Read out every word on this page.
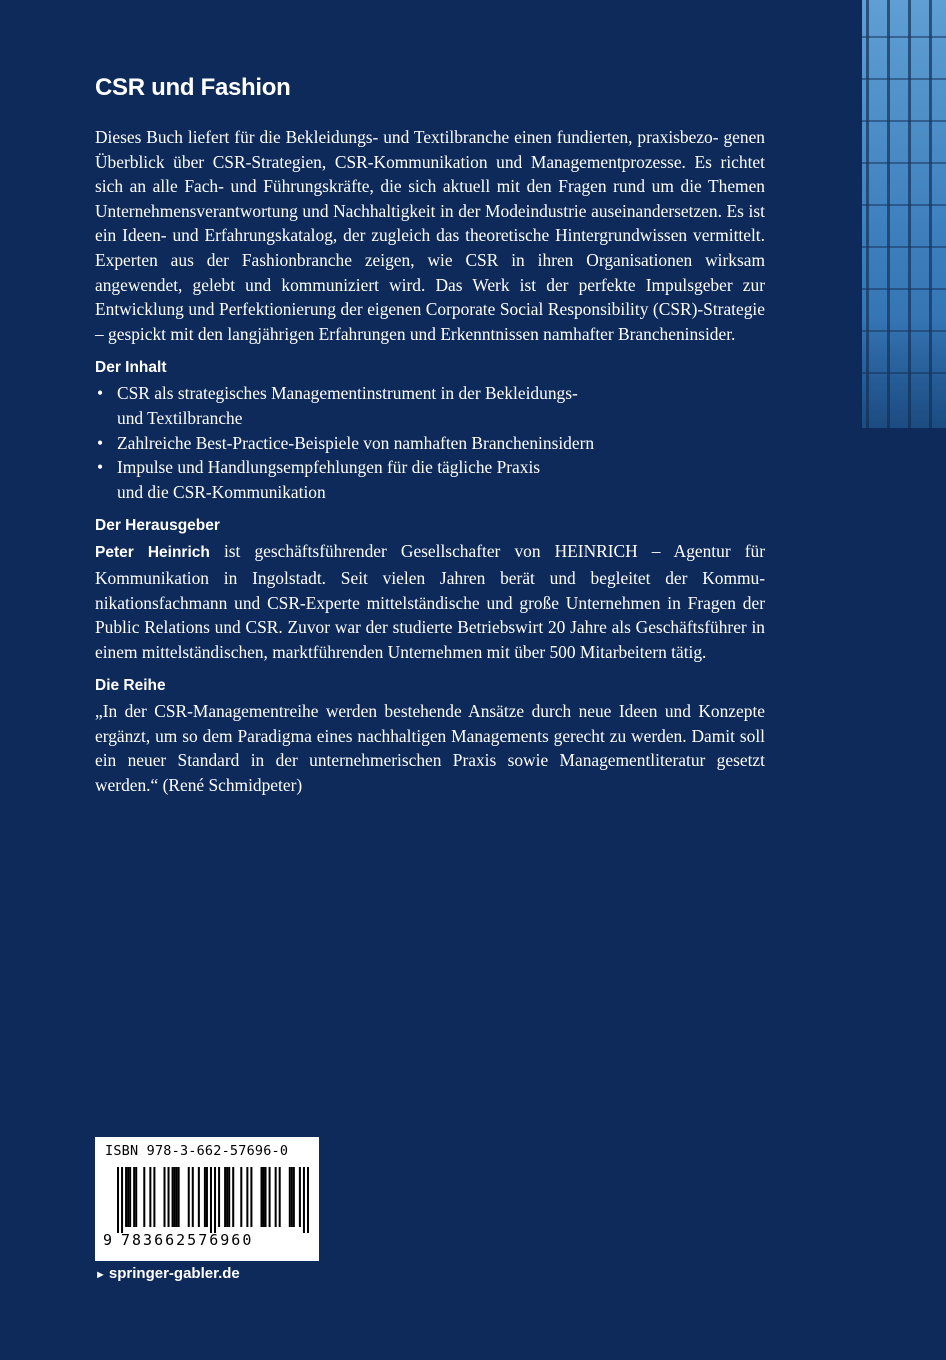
CSR und Fashion

Dieses Buch liefert für die Bekleidungs- und Textilbranche einen fundierten, praxisbezo- genen Überblick über CSR-Strategien, CSR-Kommunikation und Managementprozesse. Es richtet sich an alle Fach- und Führungskräfte, die sich aktuell mit den Fragen rund um die Themen Unternehmensverantwortung und Nachhaltigkeit in der Modeindustrie auseinandersetzen. Es ist ein Ideen- und Erfahrungskatalog, der zugleich das theoretische Hintergrundwissen vermittelt. Experten aus der Fashionbranche zeigen, wie CSR in ihren Organisationen wirksam angewendet, gelebt und kommuniziert wird. Das Werk ist der perfekte Impulsgeber zur Entwicklung und Perfektionierung der eigenen Corporate Social Responsibility (CSR)-Strategie – gespickt mit den langjährigen Erfahrungen und Erkenntnissen namhafter Brancheninsider.

Der Inhalt
• CSR als strategisches Managementinstrument in der Bekleidungs-
und Textilbranche
• Zahlreiche Best-Practice-Beispiele von namhaften Brancheninsidern
• Impulse und Handlungsempfehlungen für die tägliche Praxis
und die CSR-Kommunikation
Der Herausgeber

Peter Heinrich ist geschäftsführender Gesellschafter von HEINRICH – Agentur für Kommunikation in Ingolstadt. Seit vielen Jahren berät und begleitet der Kommu- nikationsfachmann und CSR-Experte mittelständische und große Unternehmen in Fragen der Public Relations und CSR. Zuvor war der studierte Betriebswirt 20 Jahre als Geschäftsführer in einem mittelständischen, marktführenden Unternehmen mit über 500 Mitarbeitern tätig.

Die Reihe

„In der CSR-Managementreihe werden bestehende Ansätze durch neue Ideen und Konzepte ergänzt, um so dem Paradigma eines nachhaltigen Managements gerecht zu werden. Damit soll ein neuer Standard in der unternehmerischen Praxis sowie Managementliteratur gesetzt werden.“ (René Schmidpeter)

ISBN 978-3-662-57696-0
9 783662576960
► springer-gabler.de
